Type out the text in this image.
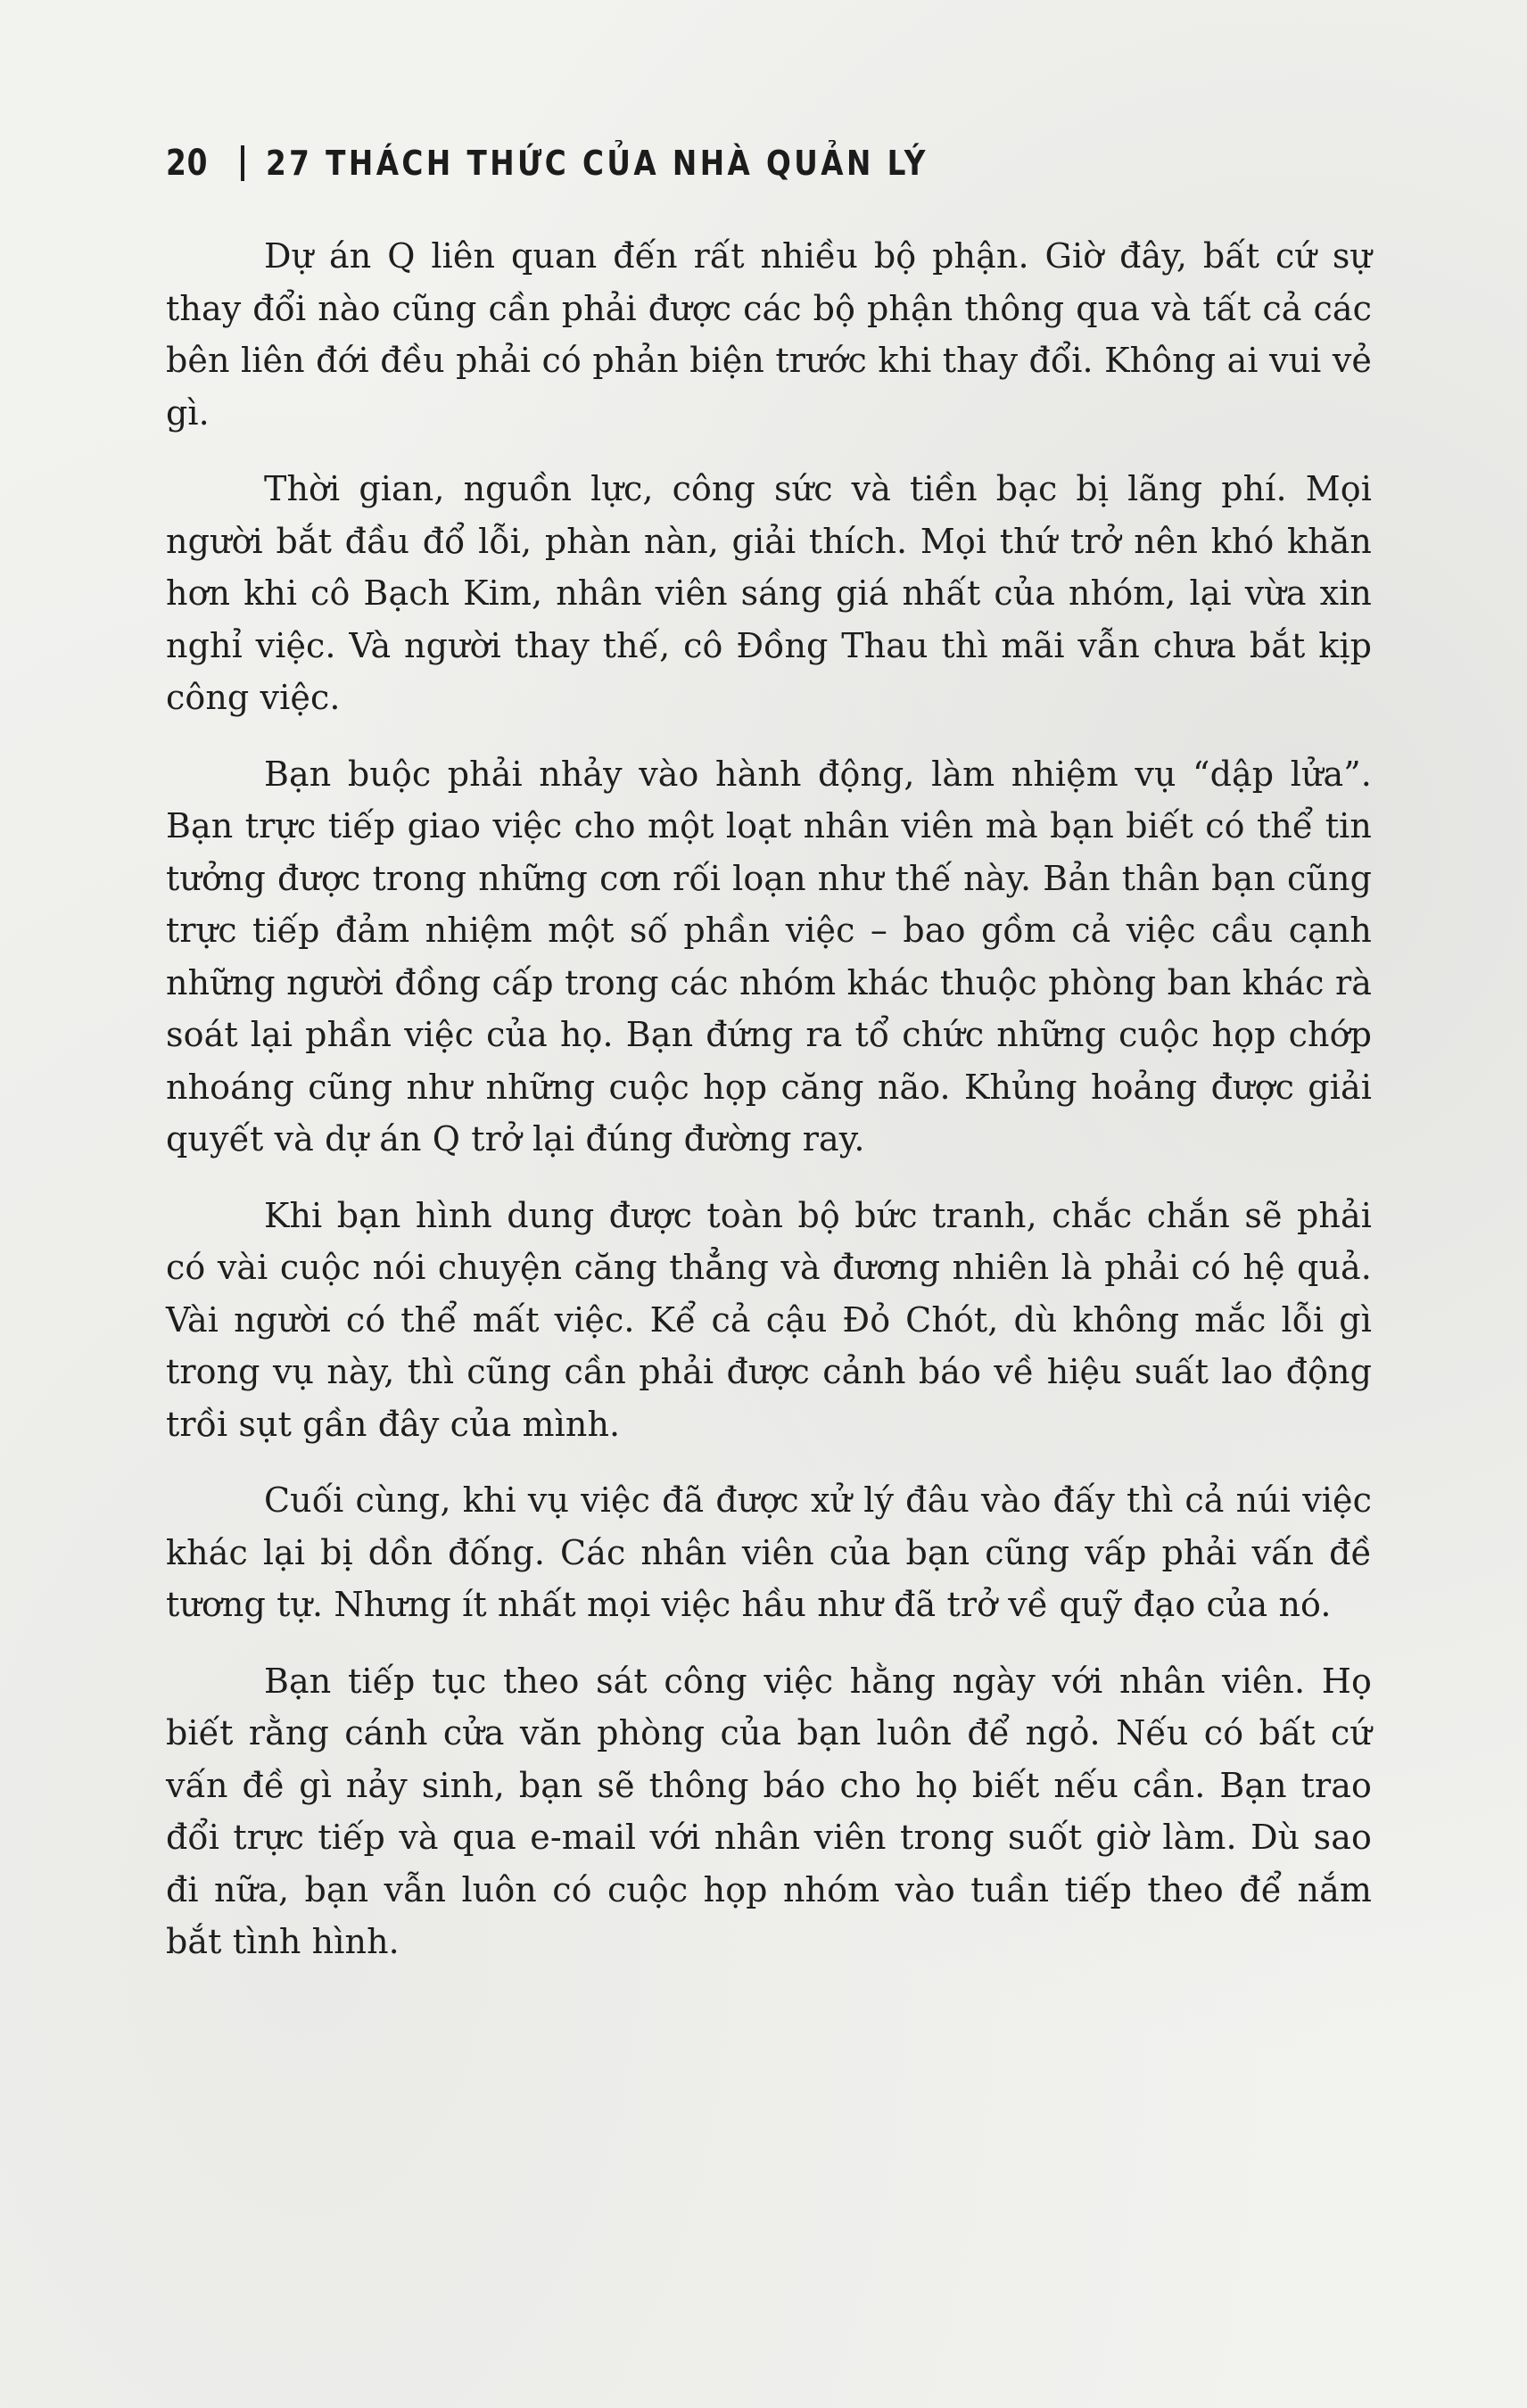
20 27 THÁCH THỨC CỦA NHÀ QUẢN LÝ

Dự án Q liên quan đến rất nhiều bộ phận. Giờ đây, bất cứ sự thay đổi nào cũng cần phải được các bộ phận thông qua và tất cả các bên liên đới đều phải có phản biện trước khi thay đổi. Không ai vui vẻ gì.

Thời gian, nguồn lực, công sức và tiền bạc bị lãng phí. Mọi người bắt đầu đổ lỗi, phàn nàn, giải thích. Mọi thứ trở nên khó khăn hơn khi cô Bạch Kim, nhân viên sáng giá nhất của nhóm, lại vừa xin nghỉ việc. Và người thay thế, cô Đồng Thau thì mãi vẫn chưa bắt kịp công việc.

Bạn buộc phải nhảy vào hành động, làm nhiệm vụ “dập lửa”. Bạn trực tiếp giao việc cho một loạt nhân viên mà bạn biết có thể tin tưởng được trong những cơn rối loạn như thế này. Bản thân bạn cũng trực tiếp đảm nhiệm một số phần việc – bao gồm cả việc cầu cạnh những người đồng cấp trong các nhóm khác thuộc phòng ban khác rà soát lại phần việc của họ. Bạn đứng ra tổ chức những cuộc họp chớp nhoáng cũng như những cuộc họp căng não. Khủng hoảng được giải quyết và dự án Q trở lại đúng đường ray.

Khi bạn hình dung được toàn bộ bức tranh, chắc chắn sẽ phải có vài cuộc nói chuyện căng thẳng và đương nhiên là phải có hệ quả. Vài người có thể mất việc. Kể cả cậu Đỏ Chót, dù không mắc lỗi gì trong vụ này, thì cũng cần phải được cảnh báo về hiệu suất lao động trồi sụt gần đây của mình.

Cuối cùng, khi vụ việc đã được xử lý đâu vào đấy thì cả núi việc khác lại bị dồn đống. Các nhân viên của bạn cũng vấp phải vấn đề tương tự. Nhưng ít nhất mọi việc hầu như đã trở về quỹ đạo của nó.

Bạn tiếp tục theo sát công việc hằng ngày với nhân viên. Họ biết rằng cánh cửa văn phòng của bạn luôn để ngỏ. Nếu có bất cứ vấn đề gì nảy sinh, bạn sẽ thông báo cho họ biết nếu cần. Bạn trao đổi trực tiếp và qua e-mail với nhân viên trong suốt giờ làm. Dù sao đi nữa, bạn vẫn luôn có cuộc họp nhóm vào tuần tiếp theo để nắm bắt tình hình.
